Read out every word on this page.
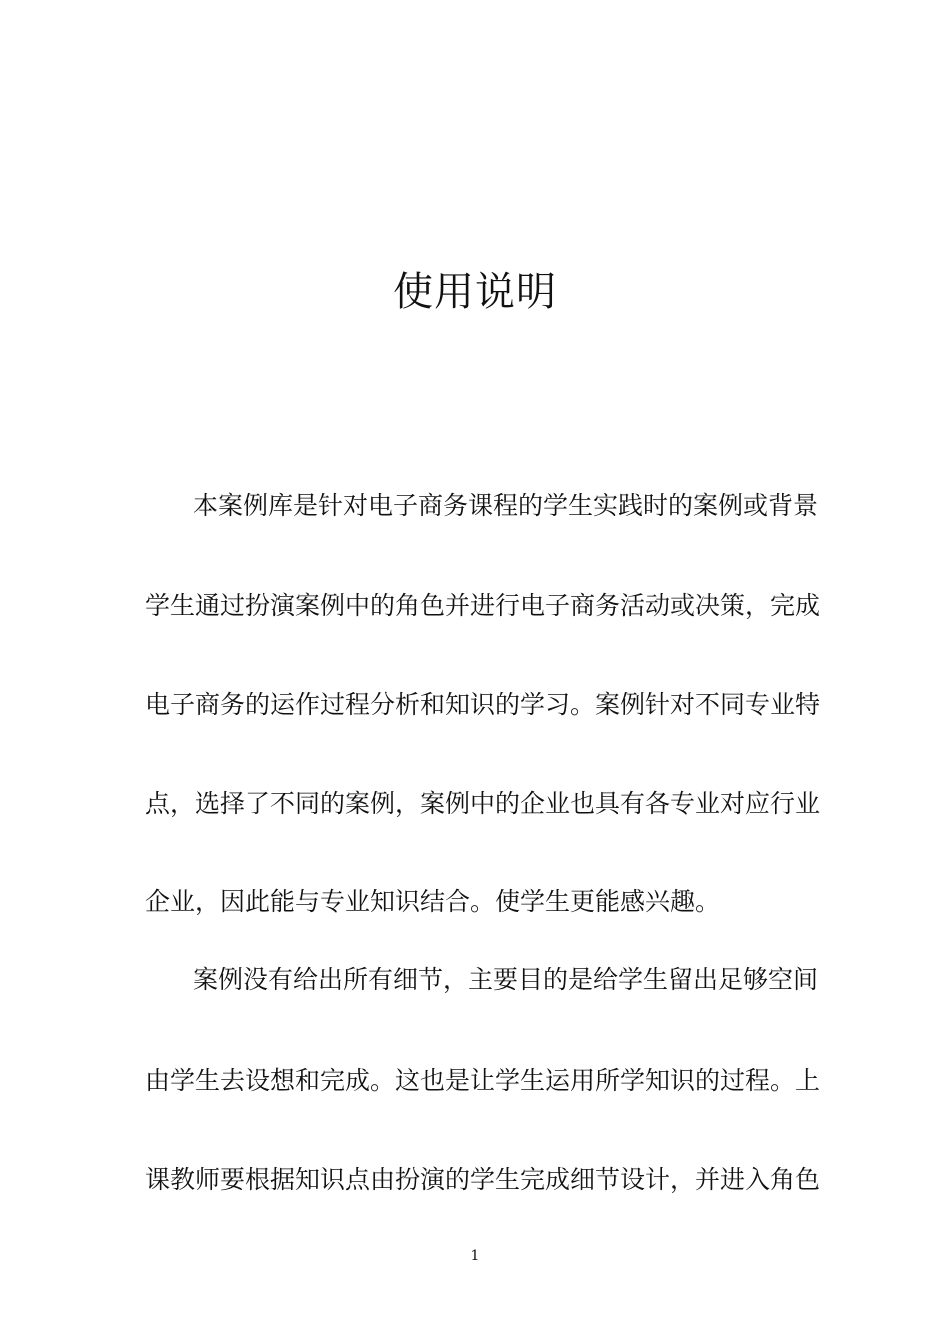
使用说明
本案例库是针对电子商务课程的学生实践时的案例或背景
学生通过扮演案例中的角色并进行电子商务活动或决策，完成
电子商务的运作过程分析和知识的学习。案例针对不同专业特
点，选择了不同的案例，案例中的企业也具有各专业对应行业
企业，因此能与专业知识结合。使学生更能感兴趣。
案例没有给出所有细节，主要目的是给学生留出足够空间
由学生去设想和完成。这也是让学生运用所学知识的过程。上
课教师要根据知识点由扮演的学生完成细节设计，并进入角色
1
